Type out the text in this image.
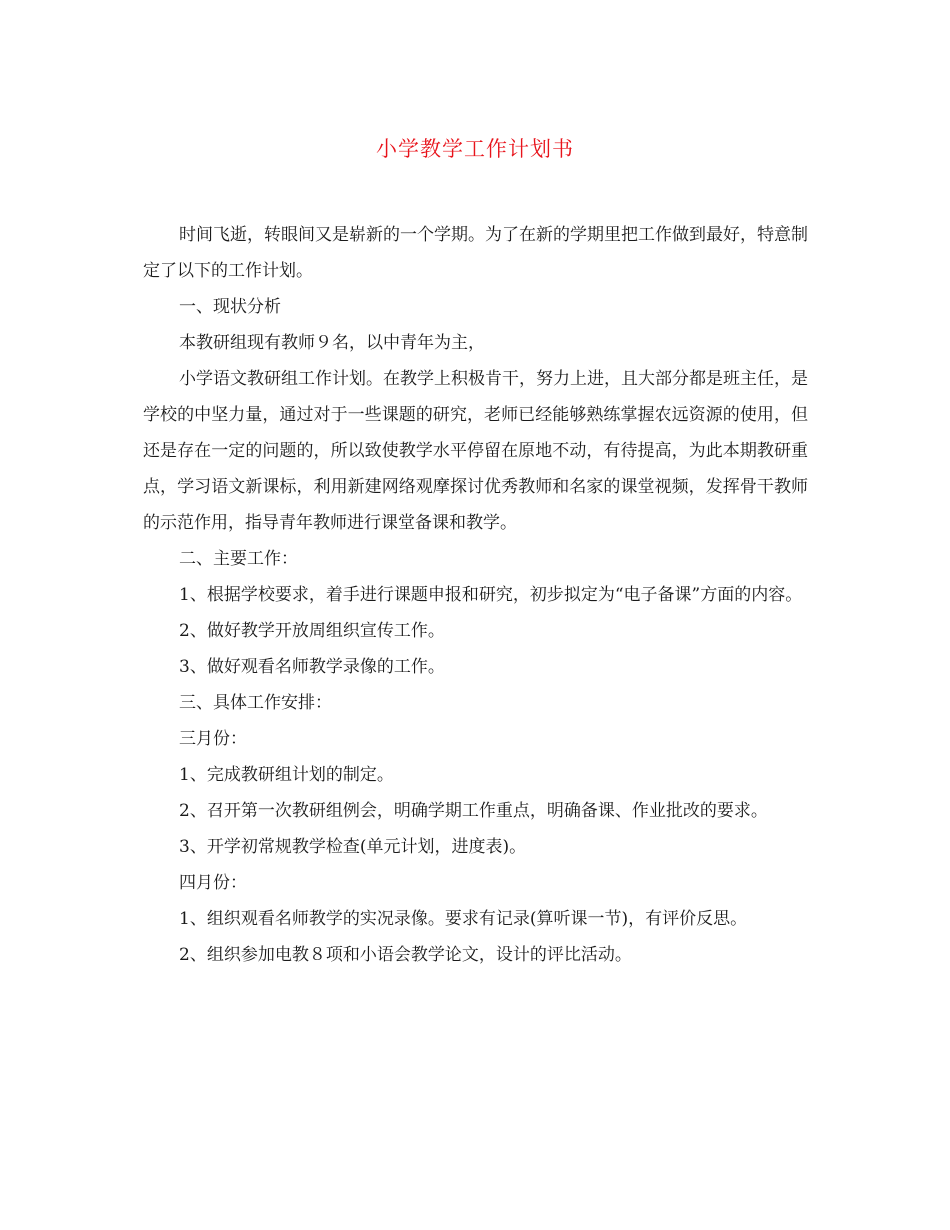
小学教学工作计划书

时间飞逝，转眼间又是崭新的一个学期。为了在新的学期里把工作做到最好，特意制定了以下的工作计划。

一、现状分析

本教研组现有教师９名，以中青年为主，

小学语文教研组工作计划。在教学上积极肯干，努力上进，且大部分都是班主任，是学校的中坚力量，通过对于一些课题的研究，老师已经能够熟练掌握农远资源的使用，但还是存在一定的问题的，所以致使教学水平停留在原地不动，有待提高，为此本期教研重点，学习语文新课标，利用新建网络观摩探讨优秀教师和名家的课堂视频，发挥骨干教师的示范作用，指导青年教师进行课堂备课和教学。

二、主要工作：

1、根据学校要求，着手进行课题申报和研究，初步拟定为“电子备课”方面的内容。

2、做好教学开放周组织宣传工作。

3、做好观看名师教学录像的工作。

三、具体工作安排：

三月份：

1、完成教研组计划的制定。

2、召开第一次教研组例会，明确学期工作重点，明确备课、作业批改的要求。

3、开学初常规教学检查(单元计划，进度表)。

四月份：

1、组织观看名师教学的实况录像。要求有记录(算听课一节)，有评价反思。

2、组织参加电教８项和小语会教学论文，设计的评比活动。
